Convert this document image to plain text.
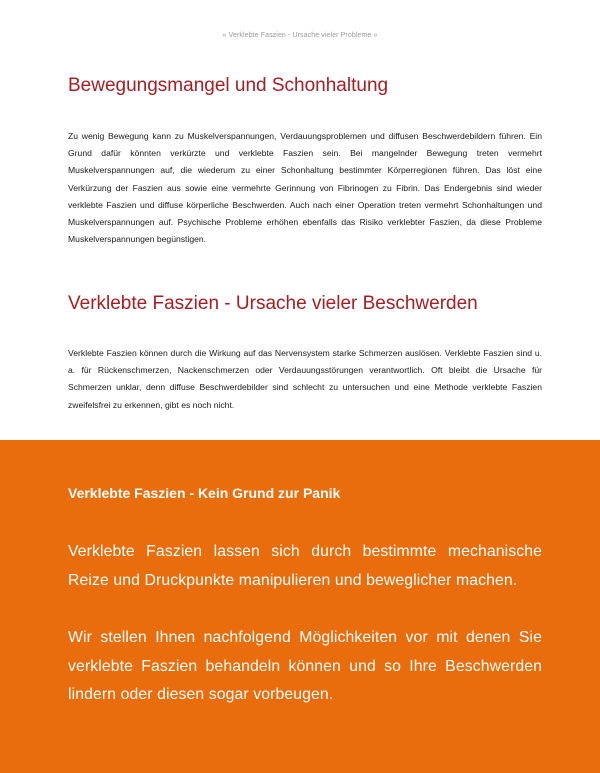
« Verklebte Faszien - Ursache vieler Probleme »
Bewegungsmangel und Schonhaltung

Zu wenig Bewegung kann zu Muskelverspannungen, Verdauungsproblemen und diffusen Beschwerdebildern führen. Ein Grund dafür könnten verkürzte und verklebte Faszien sein. Bei mangelnder Bewegung treten vermehrt Muskelverspannungen auf, die wiederum zu einer Schonhaltung bestimmter Körperregionen führen. Das löst eine Verkürzung der Faszien aus sowie eine vermehrte Gerinnung von Fibrinogen zu Fibrin. Das Endergebnis sind wieder verklebte Faszien und diffuse körperliche Beschwerden. Auch nach einer Operation treten vermehrt Schonhaltungen und Muskelverspannungen auf. Psychische Probleme erhöhen ebenfalls das Risiko verklebter Faszien, da diese Probleme Muskelverspannungen begünstigen.

Verklebte Faszien - Ursache vieler Beschwerden

Verklebte Faszien können durch die Wirkung auf das Nervensystem starke Schmerzen auslösen. Verklebte Faszien sind u. a. für Rückenschmerzen, Nackenschmerzen oder Verdauungsstörungen verantwortlich. Oft bleibt die Ursache für Schmerzen unklar, denn diffuse Beschwerdebilder sind schlecht zu untersuchen und eine Methode verklebte Faszien zweifelsfrei zu erkennen, gibt es noch nicht.

Verklebte Faszien - Kein Grund zur Panik

Verklebte Faszien lassen sich durch bestimmte mechanische Reize und Druckpunkte manipulieren und beweglicher machen.

Wir stellen Ihnen nachfolgend Möglichkeiten vor mit denen Sie verklebte Faszien behandeln können und so Ihre Beschwerden lindern oder diesen sogar vorbeugen.
